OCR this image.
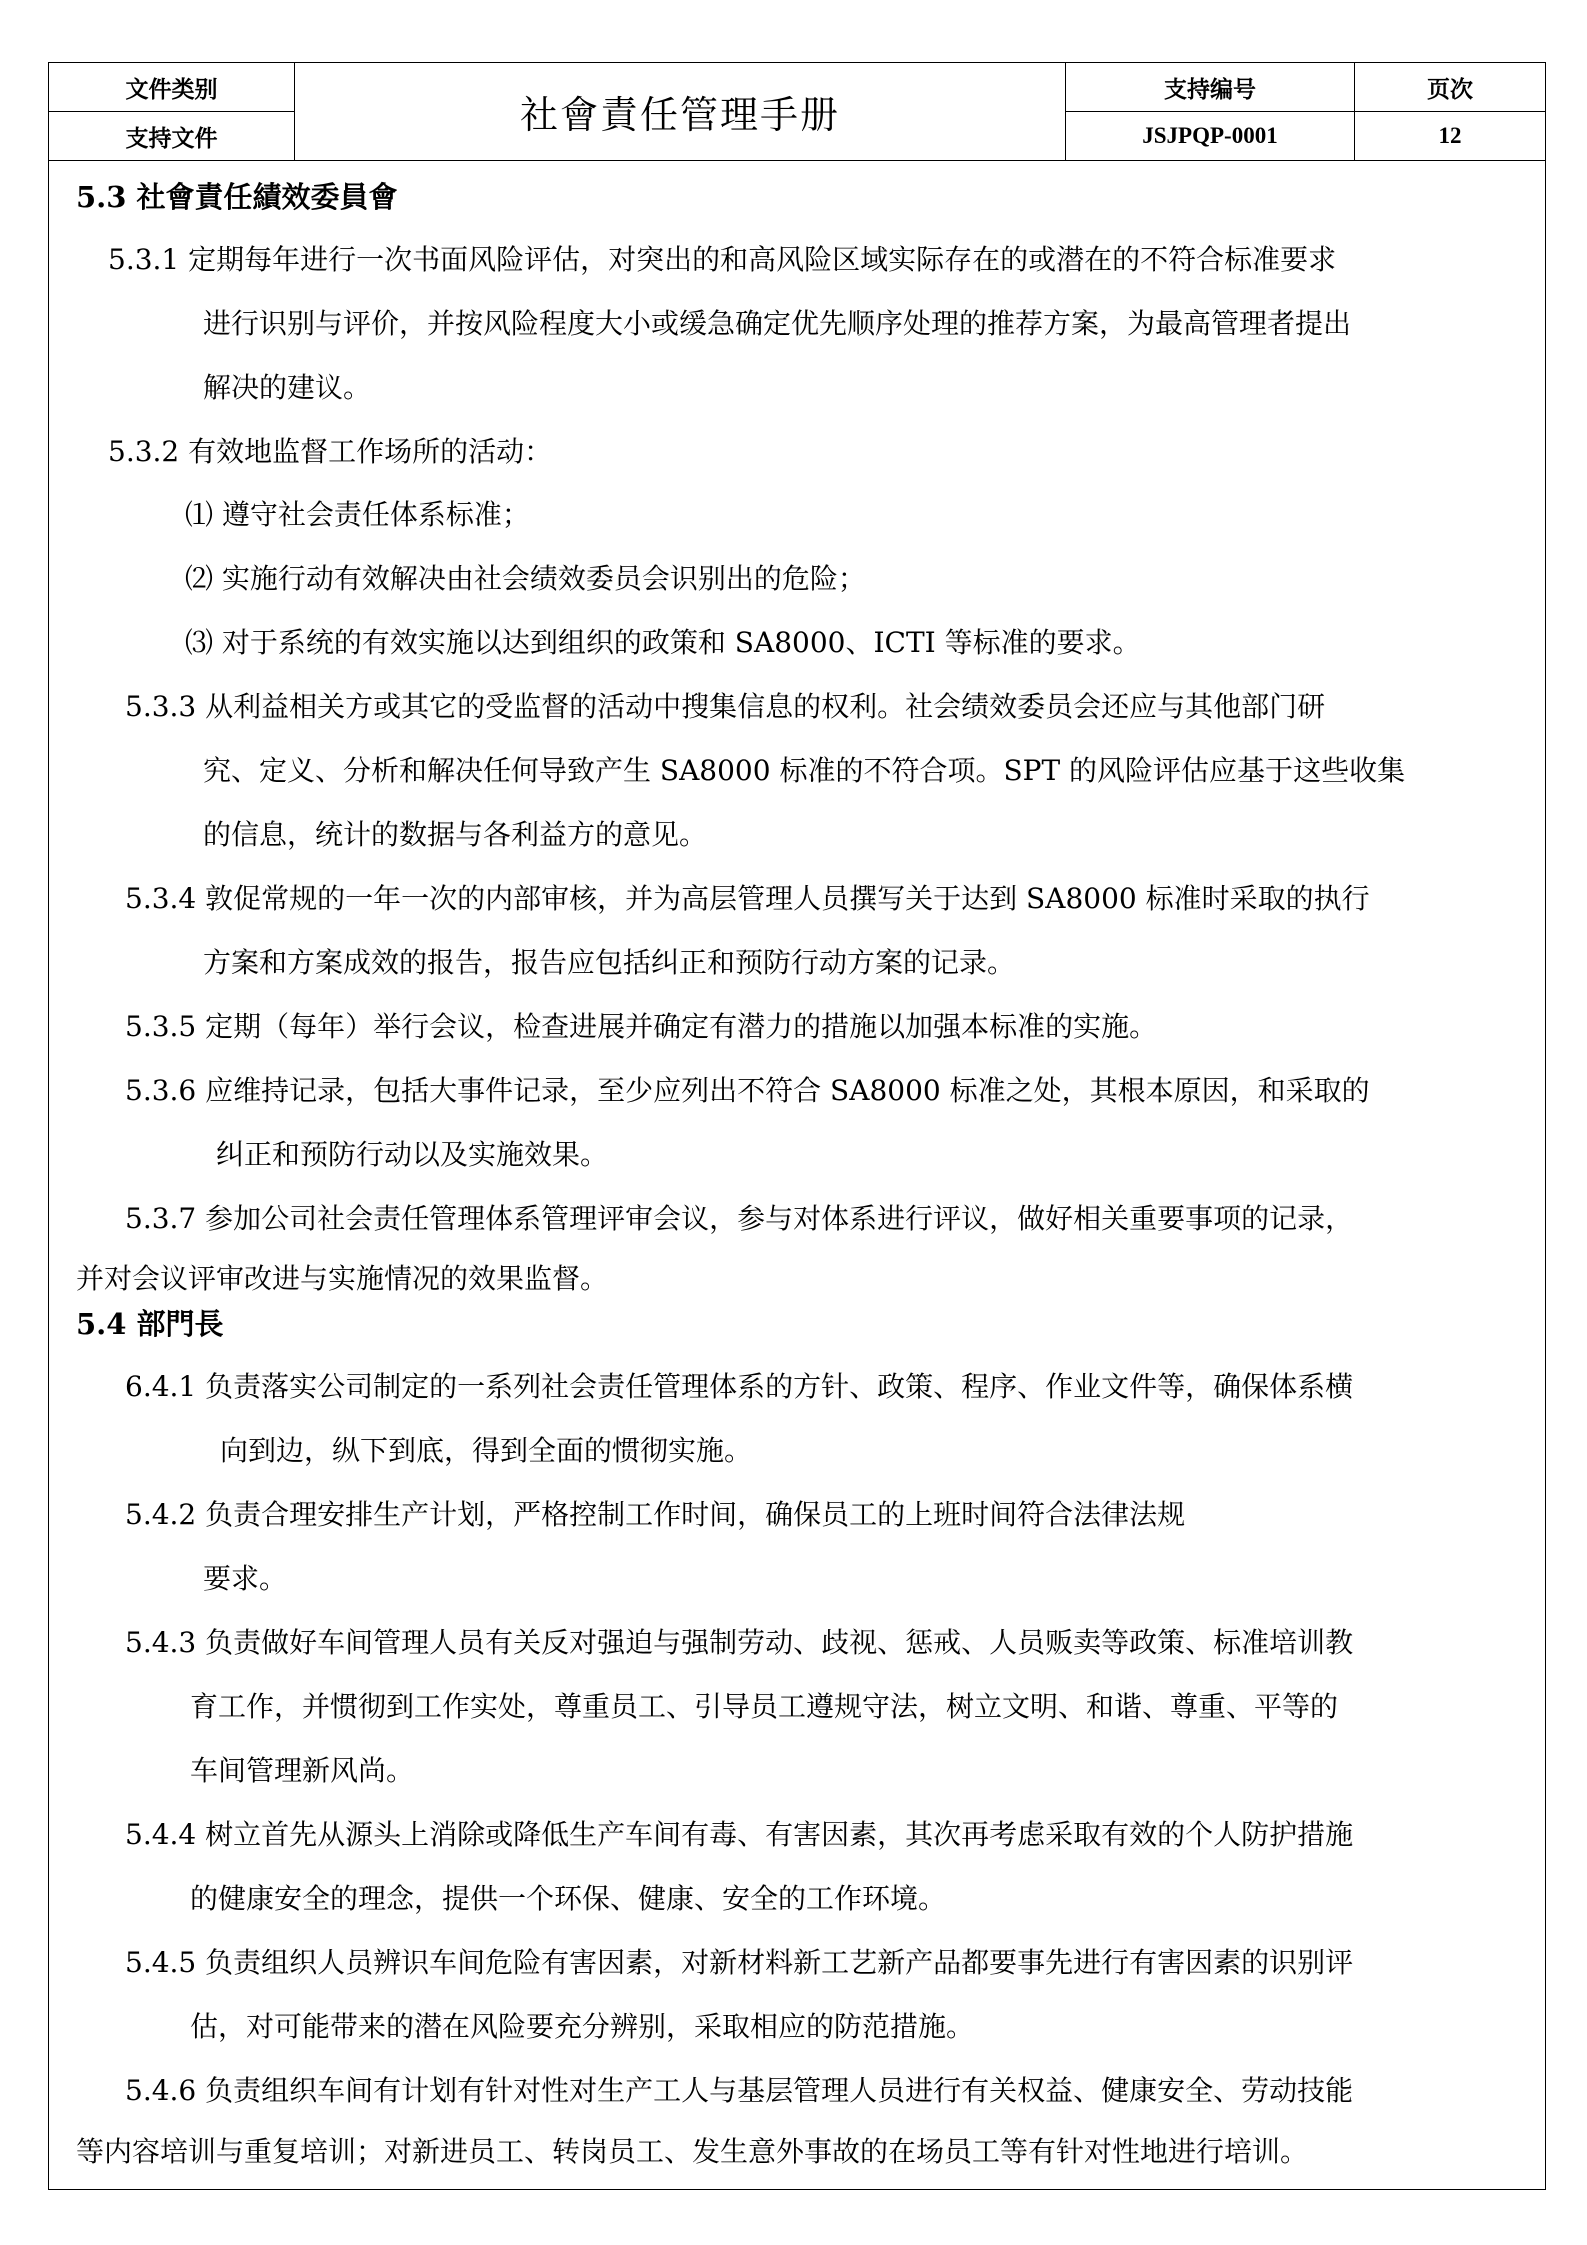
文件类别	社會責任管理手册	支持编号	页次
支持文件		JSJPQP-0001	12
5.3 社會責任績效委員會
5.3.1 定期每年进行一次书面风险评估，对突出的和高风险区域实际存在的或潜在的不符合标准要求
进行识别与评价，并按风险程度大小或缓急确定优先顺序处理的推荐方案，为最高管理者提出
解决的建议。
5.3.2 有效地监督工作场所的活动：
⑴ 遵守社会责任体系标准；
⑵ 实施行动有效解决由社会绩效委员会识别出的危险；
⑶ 对于系统的有效实施以达到组织的政策和 SA8000、ICTI 等标准的要求。
5.3.3 从利益相关方或其它的受监督的活动中搜集信息的权利。社会绩效委员会还应与其他部门研
究、定义、分析和解决任何导致产生 SA8000 标准的不符合项。SPT 的风险评估应基于这些收集
的信息，统计的数据与各利益方的意见。
5.3.4 敦促常规的一年一次的内部审核，并为高层管理人员撰写关于达到 SA8000 标准时采取的执行
方案和方案成效的报告，报告应包括纠正和预防行动方案的记录。
5.3.5 定期（每年）举行会议，检查进展并确定有潜力的措施以加强本标准的实施。
5.3.6 应维持记录，包括大事件记录，至少应列出不符合 SA8000 标准之处，其根本原因，和采取的
纠正和预防行动以及实施效果。
5.3.7 参加公司社会责任管理体系管理评审会议，参与对体系进行评议，做好相关重要事项的记录，
并对会议评审改进与实施情况的效果监督。
5.4 部門長
6.4.1 负责落实公司制定的一系列社会责任管理体系的方针、政策、程序、作业文件等，确保体系横
向到边，纵下到底，得到全面的惯彻实施。
5.4.2 负责合理安排生产计划，严格控制工作时间，确保员工的上班时间符合法律法规
要求。
5.4.3 负责做好车间管理人员有关反对强迫与强制劳动、歧视、惩戒、人员贩卖等政策、标准培训教
育工作，并惯彻到工作实处，尊重员工、引导员工遵规守法，树立文明、和谐、尊重、平等的
车间管理新风尚。
5.4.4 树立首先从源头上消除或降低生产车间有毒、有害因素，其次再考虑采取有效的个人防护措施
的健康安全的理念，提供一个环保、健康、安全的工作环境。
5.4.5 负责组织人员辨识车间危险有害因素，对新材料新工艺新产品都要事先进行有害因素的识别评
估，对可能带来的潜在风险要充分辨别，采取相应的防范措施。
5.4.6 负责组织车间有计划有针对性对生产工人与基层管理人员进行有关权益、健康安全、劳动技能
等内容培训与重复培训；对新进员工、转岗员工、发生意外事故的在场员工等有针对性地进行培训。
